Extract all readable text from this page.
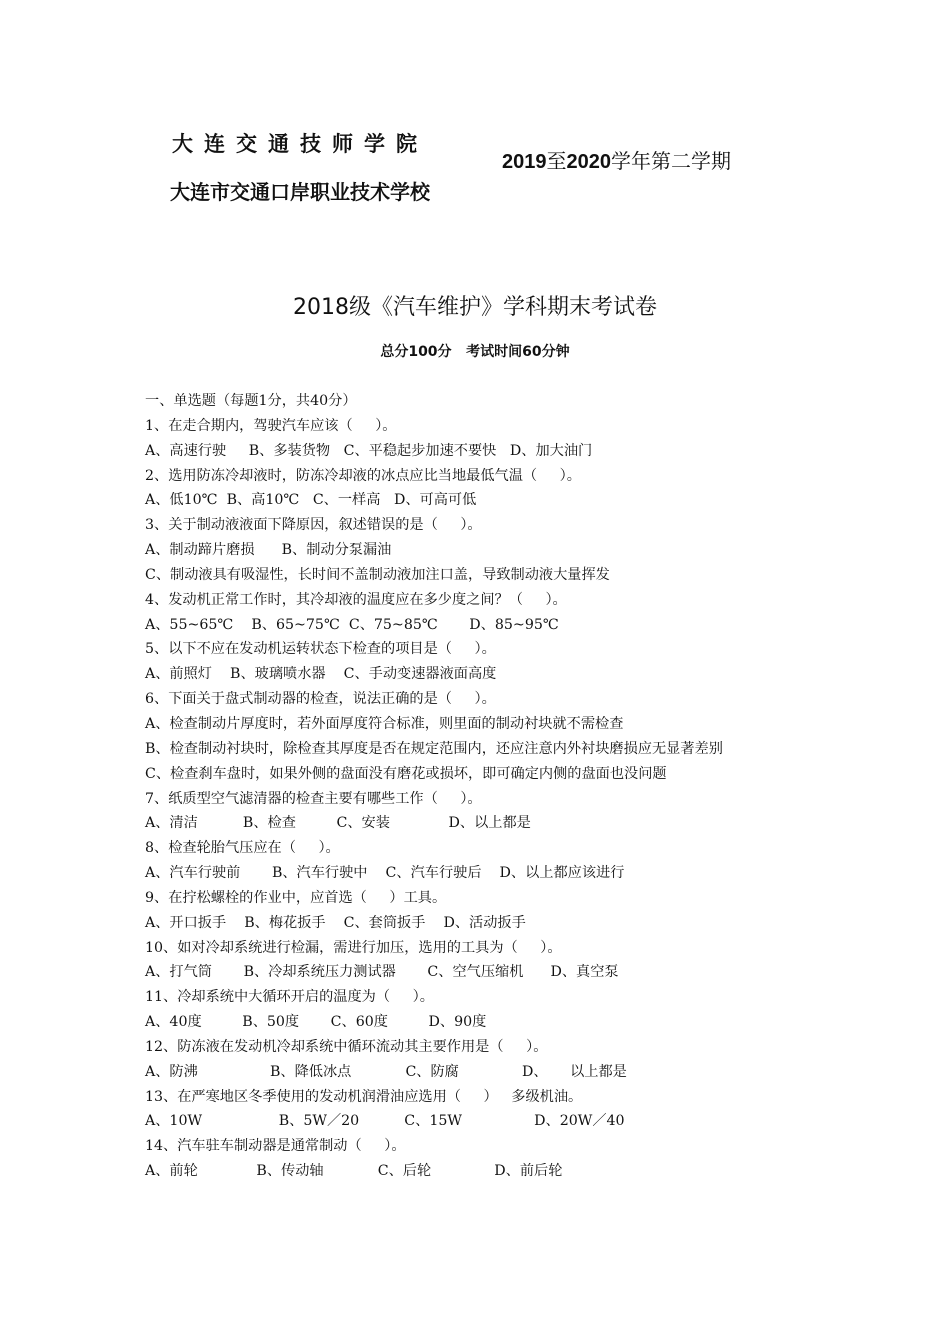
大连交通技师学院
大连市交通口岸职业技术学校
2019至2020学年第二学期
2018级《汽车维护》学科期末考试卷
总分100分   考试时间60分钟
一、单选题（每题1分，共40分）
1、在走合期内，驾驶汽车应该（     ）。
A、高速行驶     B、多装货物   C、平稳起步加速不要快   D、加大油门
2、选用防冻冷却液时，防冻冷却液的冰点应比当地最低气温（     ）。
A、低10℃  B、高10℃   C、一样高   D、可高可低
3、关于制动液液面下降原因，叙述错误的是（     ）。
A、制动蹄片磨损      B、制动分泵漏油
C、制动液具有吸湿性，长时间不盖制动液加注口盖，导致制动液大量挥发
4、发动机正常工作时，其冷却液的温度应在多少度之间？（     ）。
A、55~65℃    B、65~75℃  C、75~85℃       D、85~95℃
5、以下不应在发动机运转状态下检查的项目是（     ）。
A、前照灯    B、玻璃喷水器    C、手动变速器液面高度
6、下面关于盘式制动器的检查，说法正确的是（     ）。
A、检查制动片厚度时，若外面厚度符合标准，则里面的制动衬块就不需检查
B、检查制动衬块时，除检查其厚度是否在规定范围内，还应注意内外衬块磨损应无显著差别
C、检查刹车盘时，如果外侧的盘面没有磨花或损坏，即可确定内侧的盘面也没问题
7、纸质型空气滤清器的检查主要有哪些工作（     ）。
A、清洁          B、检查         C、安装             D、以上都是
8、检查轮胎气压应在（     ）。
A、汽车行驶前       B、汽车行驶中    C、汽车行驶后    D、以上都应该进行
9、在拧松螺栓的作业中，应首选（     ）工具。
A、开口扳手    B、梅花扳手    C、套筒扳手    D、活动扳手
10、如对冷却系统进行检漏，需进行加压，选用的工具为（     ）。
A、打气筒       B、冷却系统压力测试器       C、空气压缩机      D、真空泵
11、冷却系统中大循环开启的温度为（     ）。
A、40度         B、50度       C、60度         D、90度
12、防冻液在发动机冷却系统中循环流动其主要作用是（     ）。
A、防沸                B、降低冰点            C、防腐              D、     以上都是
13、在严寒地区冬季使用的发动机润滑油应选用（     ）   多级机油。
A、10W                 B、5W／20          C、15W                D、20W／40
14、汽车驻车制动器是通常制动（     ）。
A、前轮             B、传动轴            C、后轮              D、前后轮
